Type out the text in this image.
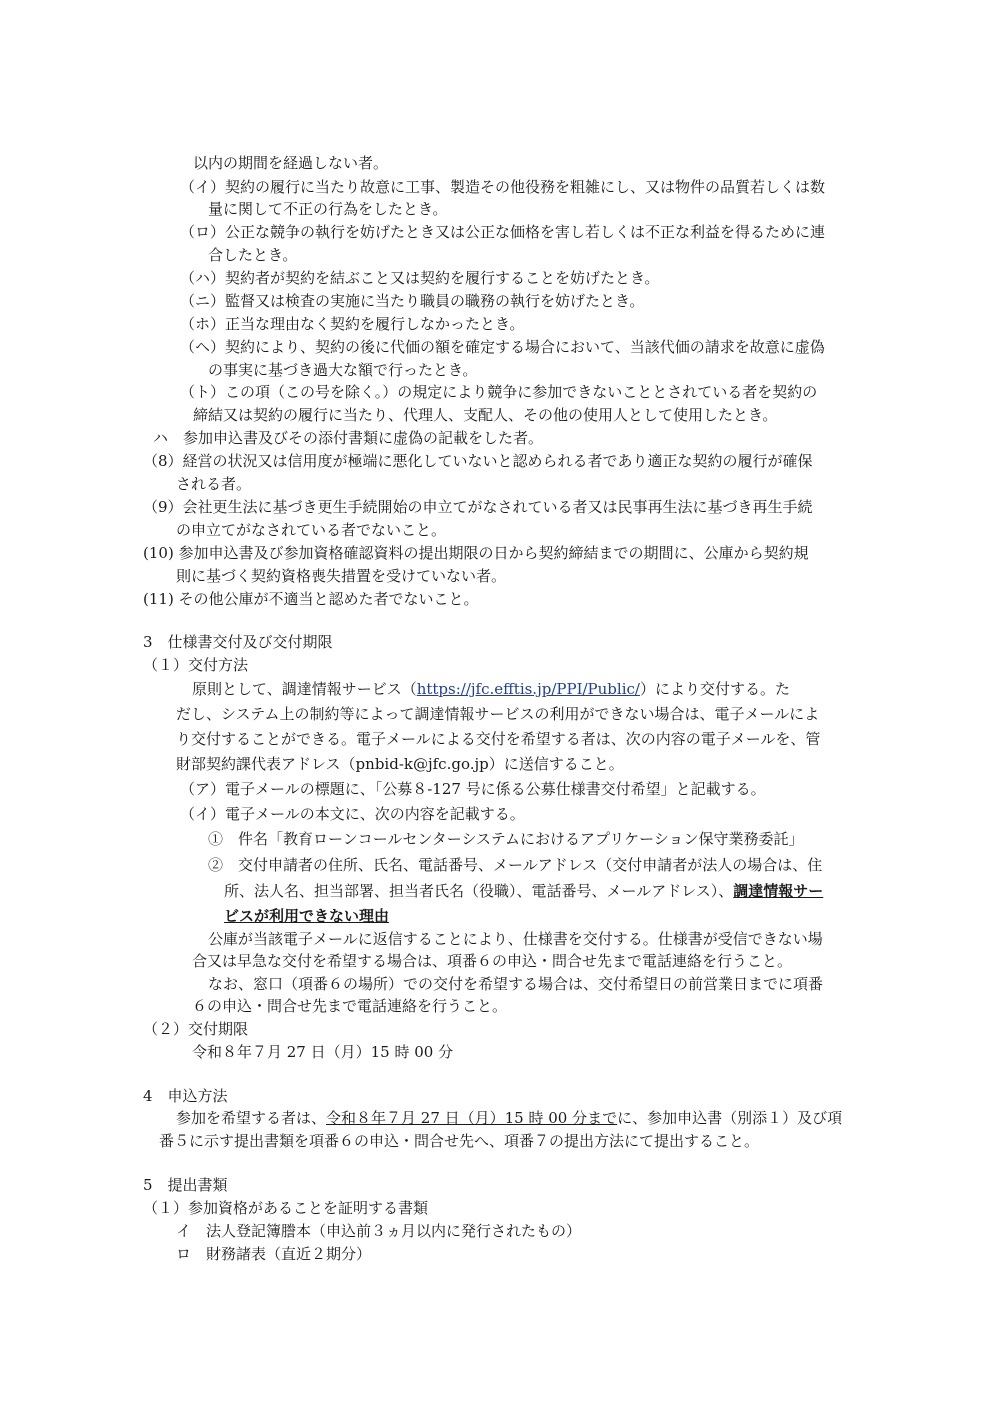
以内の期間を経過しない者。
（イ）契約の履行に当たり故意に工事、製造その他役務を粗雑にし、又は物件の品質若しくは数
量に関して不正の行為をしたとき。
（ロ）公正な競争の執行を妨げたとき又は公正な価格を害し若しくは不正な利益を得るために連
合したとき。
（ハ）契約者が契約を結ぶこと又は契約を履行することを妨げたとき。
（ニ）監督又は検査の実施に当たり職員の職務の執行を妨げたとき。
（ホ）正当な理由なく契約を履行しなかったとき。
（ヘ）契約により、契約の後に代価の額を確定する場合において、当該代価の請求を故意に虚偽
の事実に基づき過大な額で行ったとき。
（ト）この項（この号を除く。）の規定により競争に参加できないこととされている者を契約の
締結又は契約の履行に当たり、代理人、支配人、その他の使用人として使用したとき。
ハ　参加申込書及びその添付書類に虚偽の記載をした者。
（8）経営の状況又は信用度が極端に悪化していないと認められる者であり適正な契約の履行が確保
される者。
（9）会社更生法に基づき更生手続開始の申立てがなされている者又は民事再生法に基づき再生手続
の申立てがなされている者でないこと。
(10) 参加申込書及び参加資格確認資料の提出期限の日から契約締結までの期間に、公庫から契約規
則に基づく契約資格喪失措置を受けていない者。
(11) その他公庫が不適当と認めた者でないこと。
3　仕様書交付及び交付期限
（１）交付方法
原則として、調達情報サービス（https://jfc.efftis.jp/PPI/Public/）により交付する。た
だし、システム上の制約等によって調達情報サービスの利用ができない場合は、電子メールによ
り交付することができる。電子メールによる交付を希望する者は、次の内容の電子メールを、管
財部契約課代表アドレス（pnbid-k@jfc.go.jp）に送信すること。
（ア）電子メールの標題に、「公募８-127 号に係る公募仕様書交付希望」と記載する。
（イ）電子メールの本文に、次の内容を記載する。
①　件名「教育ローンコールセンターシステムにおけるアプリケーション保守業務委託」
②　交付申請者の住所、氏名、電話番号、メールアドレス（交付申請者が法人の場合は、住
所、法人名、担当部署、担当者氏名（役職）、電話番号、メールアドレス）、調達情報サー
ビスが利用できない理由
公庫が当該電子メールに返信することにより、仕様書を交付する。仕様書が受信できない場
合又は早急な交付を希望する場合は、項番６の申込・問合せ先まで電話連絡を行うこと。
なお、窓口（項番６の場所）での交付を希望する場合は、交付希望日の前営業日までに項番
６の申込・問合せ先まで電話連絡を行うこと。
（２）交付期限
令和８年７月 27 日（月）15 時 00 分
4　申込方法
参加を希望する者は、令和８年７月 27 日（月）15 時 00 分までに、参加申込書（別添１）及び項
番５に示す提出書類を項番６の申込・問合せ先へ、項番７の提出方法にて提出すること。
5　提出書類
（１）参加資格があることを証明する書類
イ　法人登記簿謄本（申込前３ヵ月以内に発行されたもの）
ロ　財務諸表（直近２期分）
